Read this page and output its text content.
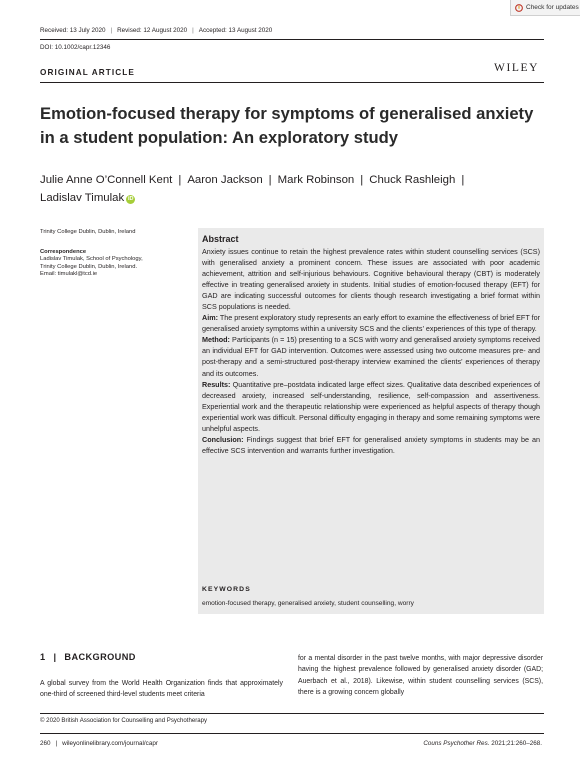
Check for updates
Received: 13 July 2020 | Revised: 12 August 2020 | Accepted: 13 August 2020
DOI: 10.1002/capr.12346
ORIGINAL ARTICLE	WILEY
Emotion-focused therapy for symptoms of generalised anxiety in a student population: An exploratory study
Julie Anne O’Connell Kent | Aaron Jackson | Mark Robinson | Chuck Rashleigh |
Ladislav Timulak iD
Trinity College Dublin, Dublin, Ireland
Correspondence
Ladislav Timulak, School of Psychology,
Trinity College Dublin, Dublin, Ireland.
Email: timulakl@tcd.ie
Abstract

Anxiety issues continue to retain the highest prevalence rates within student counselling services (SCS) with generalised anxiety a prominent concern. These issues are associated with poor academic achievement, attrition and self-injurious behaviours. Cognitive behavioural therapy (CBT) is moderately effective in treating generalised anxiety in students. Initial studies of emotion-focused therapy (EFT) for GAD are indicating successful outcomes for clients though research investigating a brief format within SCS populations is needed.

Aim: The present exploratory study represents an early effort to examine the effectiveness of brief EFT for generalised anxiety symptoms within a university SCS and the clients’ experiences of this type of therapy.

Method: Participants (n = 15) presenting to a SCS with worry and generalised anxiety symptoms received an individual EFT for GAD intervention. Outcomes were assessed using two outcome measures pre- and post-therapy and a semi-structured post-therapy interview examined the clients’ experiences of therapy and its outcomes.

Results: Quantitative pre–postdata indicated large effect sizes. Qualitative data described experiences of decreased anxiety, increased self-understanding, resilience, self-compassion and assertiveness. Experiential work and the therapeutic relationship were experienced as helpful aspects of therapy though experiential work was difficult. Personal difficulty engaging in therapy and some remaining symptoms were unhelpful aspects.

Conclusion: Findings suggest that brief EFT for generalised anxiety symptoms in students may be an effective SCS intervention and warrants further investigation.

KEYWORDS
emotion-focused therapy, generalised anxiety, student counselling, worry
1 | BACKGROUND
A global survey from the World Health Organization finds that approximately one-third of screened third-level students meet criteria
for a mental disorder in the past twelve months, with major depressive disorder having the highest prevalence followed by generalised anxiety disorder (GAD; Auerbach et al., 2018). Likewise, within student counselling services (SCS), there is a growing concern globally
© 2020 British Association for Counselling and Psychotherapy
260 | wileyonlinelibrary.com/journal/capr	Couns Psychother Res. 2021;21:260–268.
